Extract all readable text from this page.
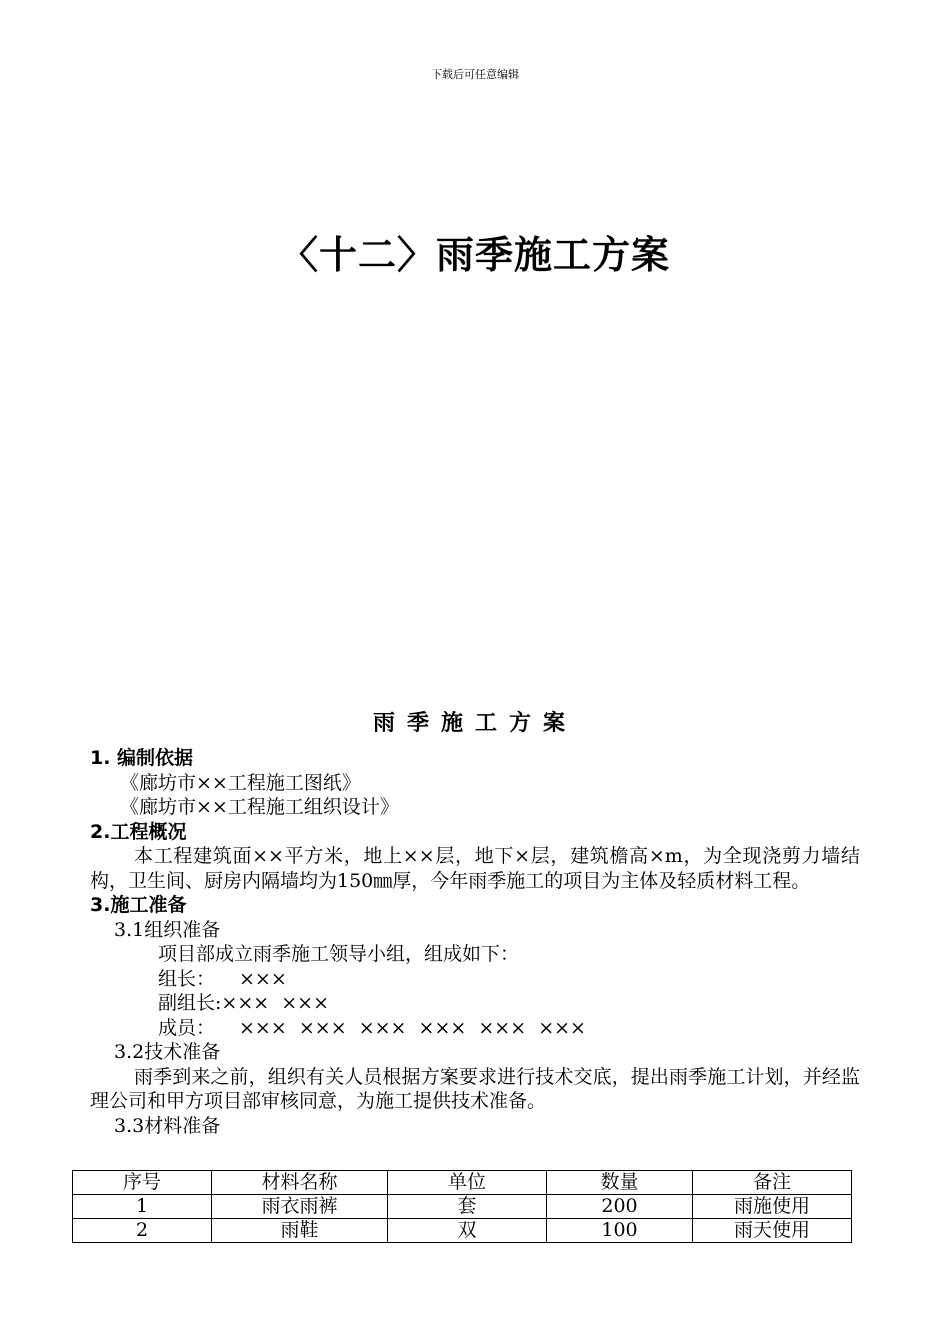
下载后可任意编辑
〈十二〉雨季施工方案
雨季施工方案
1. 编制依据
《廊坊市××工程施工图纸》
《廊坊市××工程施工组织设计》
2.工程概况
本工程建筑面××平方米，地上××层，地下×层，建筑檐高×m，为全现浇剪力墙结构，卫生间、厨房内隔墙均为150㎜厚，今年雨季施工的项目为主体及轻质材料工程。
3.施工准备
3.1组织准备
项目部成立雨季施工领导小组，组成如下：
组长： ×××
副组长:×××  ×××
成员： ×××  ×××  ×××  ×××  ×××  ×××
3.2技术准备
雨季到来之前，组织有关人员根据方案要求进行技术交底，提出雨季施工计划，并经监理公司和甲方项目部审核同意，为施工提供技术准备。
3.3材料准备
序号	材料名称	单位	数量	备注
1	雨衣雨裤	套	200	雨施使用
2	雨鞋	双	100	雨天使用
